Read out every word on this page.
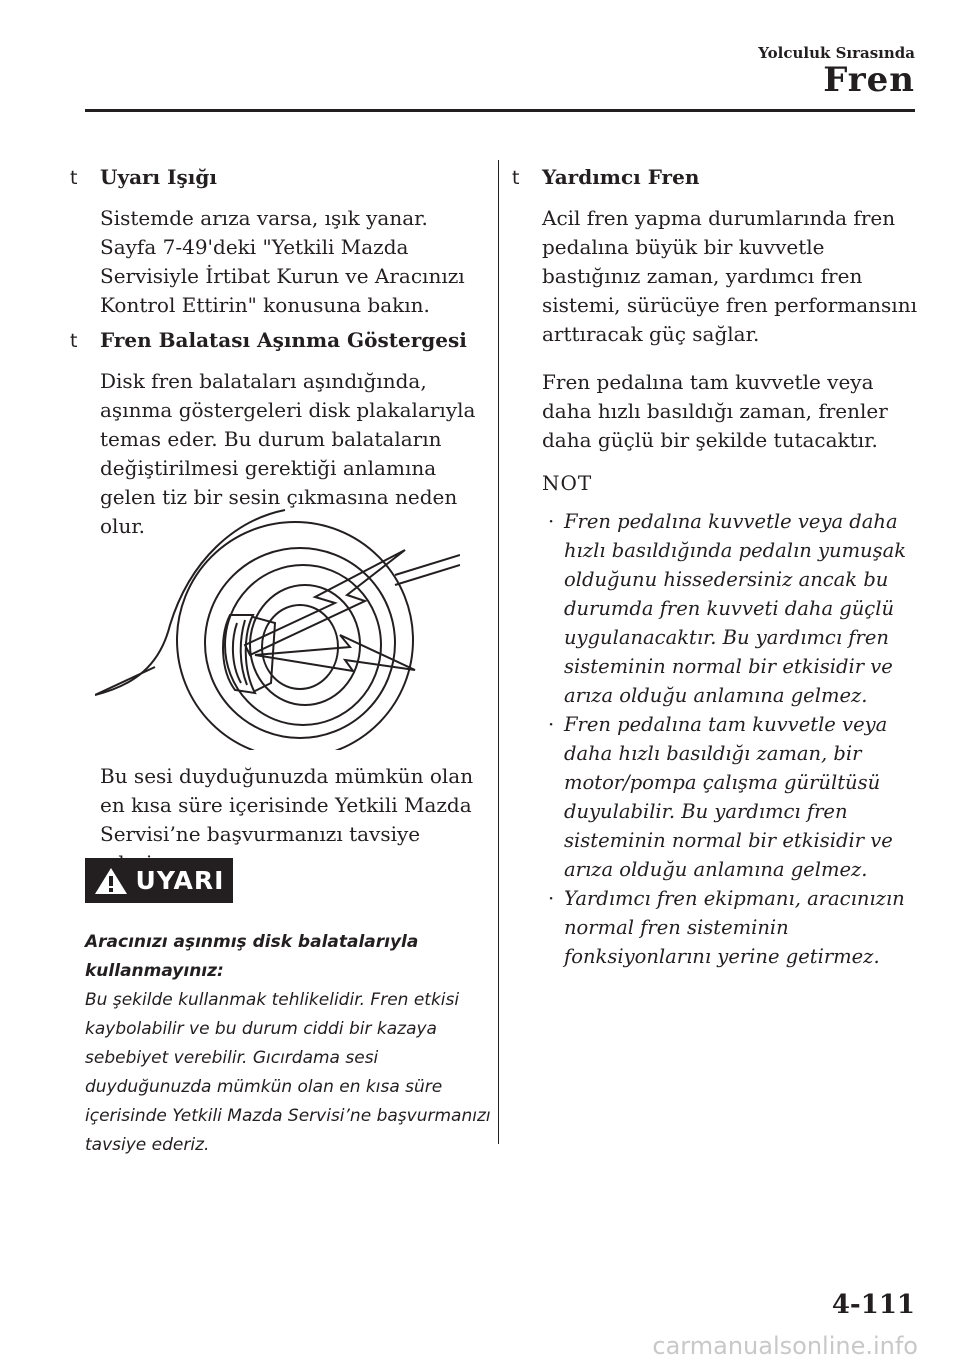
Yolculuk Sırasında
Fren
t	Uyarı Işığı

Sistemde arıza varsa, ışık yanar. Sayfa 7-49'deki "Yetkili Mazda Servisiyle İrtibat Kurun ve Aracınızı Kontrol Ettirin" konusuna bakın.

t	Fren Balatası Aşınma Göstergesi

Disk fren balataları aşındığında, aşınma göstergeleri disk plakalarıyla temas eder. Bu durum balataların değiştirilmesi gerektiği anlamına gelen tiz bir sesin çıkmasına neden olur.

Bu sesi duyduğunuzda mümkün olan en kısa süre içerisinde Yetkili Mazda Servisi’ne başvurmanızı tavsiye

UYARI
Aracınızı aşınmış disk balatalarıyla kullanmayınız:
Bu şekilde kullanmak tehlikelidir. Fren etkisi kaybolabilir ve bu durum ciddi bir kazaya sebebiyet verebilir. Gıcırdama sesi duyduğunuzda mümkün olan en kısa süre içerisinde Yetkili Mazda Servisi’ne başvurmanızı tavsiye ederiz.
t	Yardımcı Fren

Acil fren yapma durumlarında fren pedalına büyük bir kuvvetle bastığınız zaman, yardımcı fren sistemi, sürücüye fren performansını arttıracak güç sağlar.

Fren pedalına tam kuvvetle veya daha hızlı basıldığı zaman, frenler daha güçlü bir şekilde tutacaktır.

NOT
· Fren pedalına kuvvetle veya daha hızlı basıldığında pedalın yumuşak olduğunu hissedersiniz ancak bu durumda fren kuvveti daha güçlü uygulanacaktır. Bu yardımcı fren sisteminin normal bir etkisidir ve arıza olduğu anlamına gelmez.
· Fren pedalına tam kuvvetle veya daha hızlı basıldığı zaman, bir motor/pompa çalışma gürültüsü duyulabilir. Bu yardımcı fren sisteminin normal bir etkisidir ve arıza olduğu anlamına gelmez.
· Yardımcı fren ekipmanı, aracınızın normal fren sisteminin fonksiyonlarını yerine getirmez.
4-111
carmanualsonline.info
